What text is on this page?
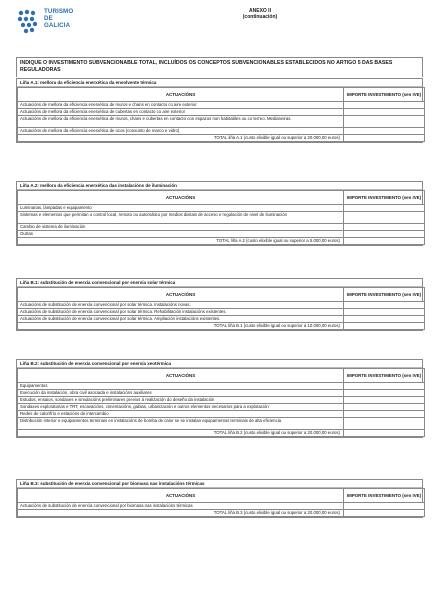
TURISMO
DE
GALICIA
ANEXO II
(continuación)
INDIQUE O INVESTIMENTO SUBVENCIONABLE TOTAL, INCLUÍDOS OS CONCEPTOS SUBVENCIONABLES ESTABLECIDOS NO ARTIGO 5 DAS BASES REGULADORAS
Liña A.1: mellora da eficiencia enerxética da envolvente térmica
ACTUACIÓNS	IMPORTE INVESTIMENTO (sen IVE)
Actuacións de mellora da eficiencia enerxética de muros e chans en contacto co aire exterior	
Actuacións de mellora da eficiencia enerxética de cubertas en contacto co aire exterior	
Actuacións de mellora da eficiencia enerxética de muros, chans e cubertas en contacto con espazos non habitables ou co terreo. Medianeiras.	
Actuacións de mellora da eficiencia enerxética de ocos (conxunto de marco e vidro)	
TOTAL liña A.1 (custo elixible igual ou superior a 20.000,00 euros)	
Liña A.2: mellora da eficiencia enerxética das instalacións de iluminación
ACTUACIÓNS	IMPORTE INVESTIMENTO (sen IVE)
Luminarias, lámpadas e equipamento	
Sistemas e elementos que permitan o control local, remoto ou automático por medios dixitais de acceso e regulación de nivel de iluminación	
Cambio de sistema de iluminación	
Outras	
TOTAL liña A.2 (custo elixible igual ou superior a 5.000,00 euros)	
Liña B.1: substitución de enerxía convencional por enerxía solar térmica
ACTUACIÓNS	IMPORTE INVESTIMENTO (sen IVE)
Actuacións de substitución de enerxía convencional por solar térmica. Instalacións novas.	
Actuacións de substitución de enerxía convencional por solar térmica. Rehabilitación instalacións existentes.	
Actuacións de substitución de enerxía convencional por solar térmica. Ampliación instalacións existentes.	
TOTAL liña B.1 (custo elixible igual ou superior a 10.000,00 euros)	
Liña B.2: substitución de enerxía convencional por enerxía xeotérmica
ACTUACIÓNS	IMPORTE INVESTIMENTO (sen IVE)
Equipamentos	
Execución da instalación, obra civil asociada e instalacións auxiliares	
Estudos, ensaios, sondaxes e simulacións preliminares previos á realización do deseño da instalación	
Sondaxes exploratorias e TRT, escavacións, cimentacións, gabias, urbanización e outros elementos necesarios para a explotación	
Redes de calor/frío e estacións de intercambio	
Distribución interior e equipamentos terminais en instalacións de bomba de calor se se instalan equipamentos terminais de alta eficiencia	
TOTAL liña B.2 (custo elixible igual ou superior a 20.000,00 euros)	
Liña B.3: substitución de enerxía convencional por biomasa nas instalacións térmicas
ACTUACIÓNS	IMPORTE INVESTIMENTO (sen IVE)
Actuacións de substitución de enerxía convencional por biomasa nas instalacións térmicas	
TOTAL liña B.3 (custo elixible igual ou superior a 20.000,00 euros)	
